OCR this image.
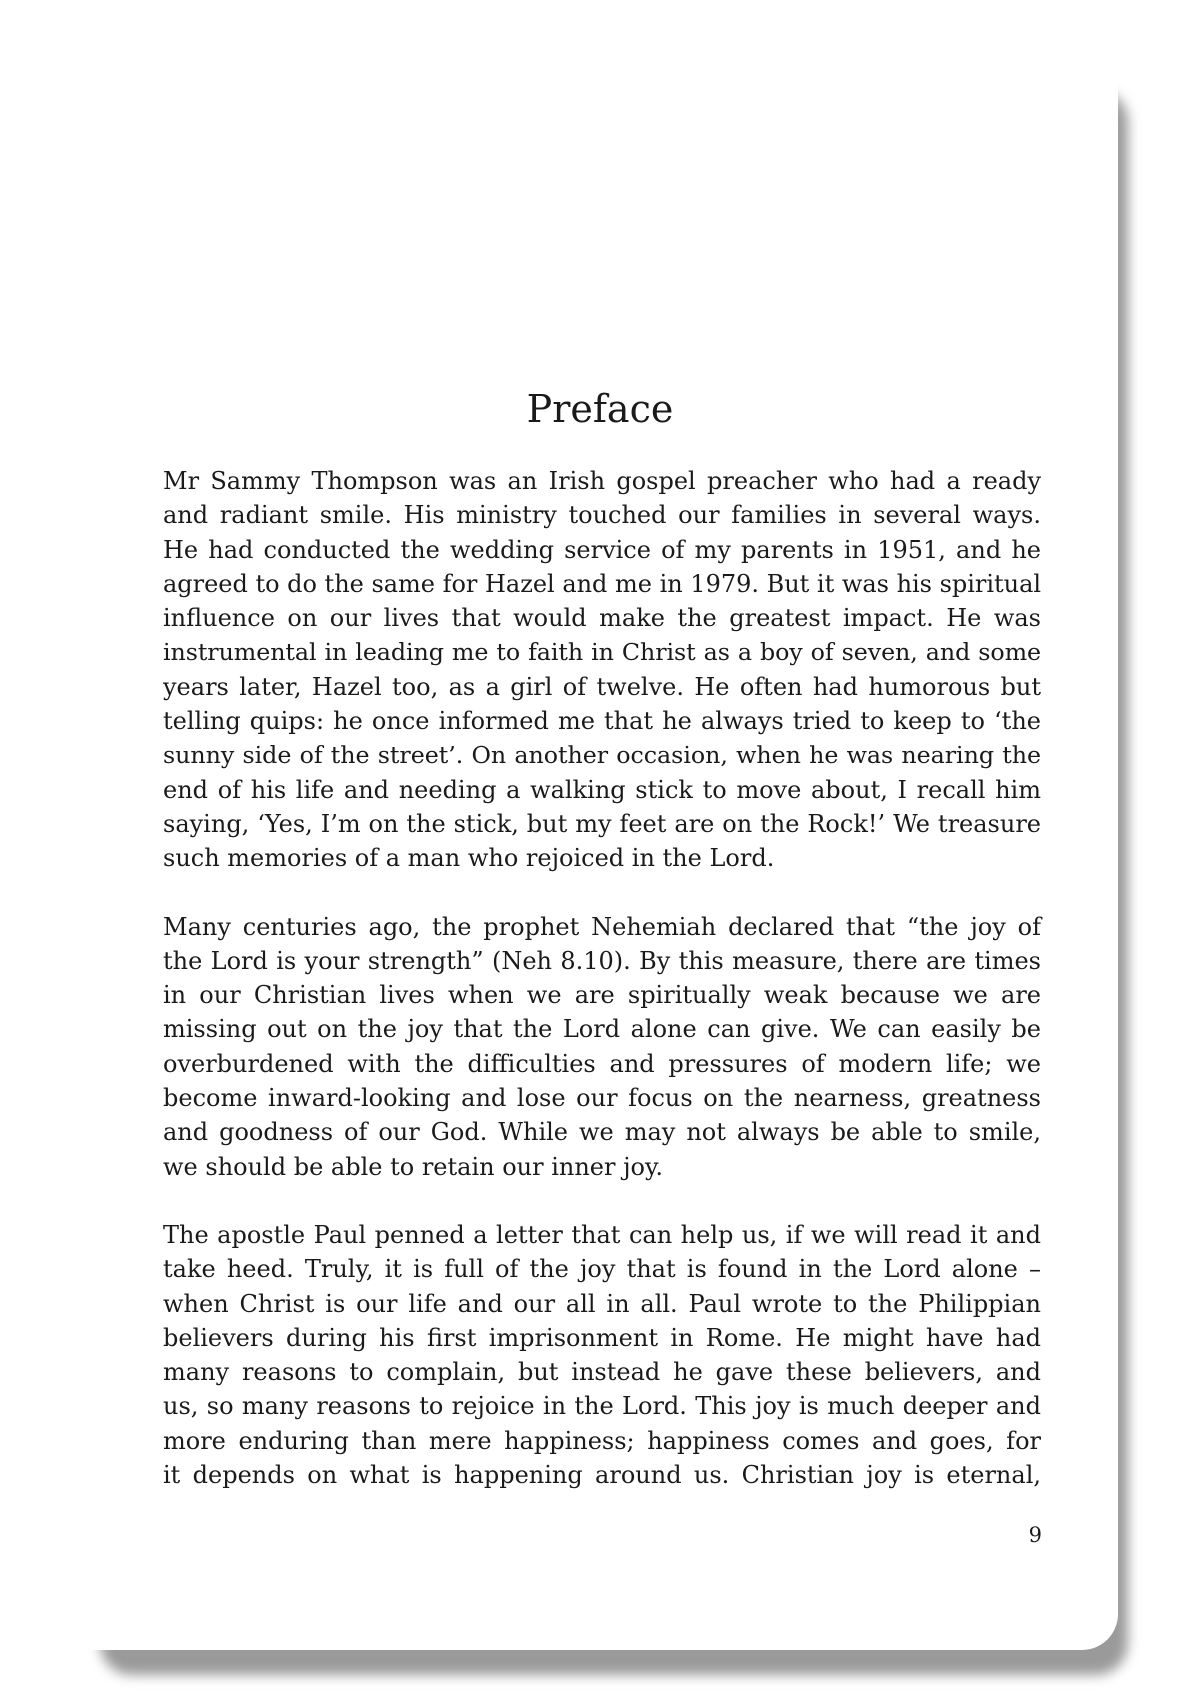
Preface
Mr Sammy Thompson was an Irish gospel preacher who had a ready
and radiant smile. His ministry touched our families in several ways.
He had conducted the wedding service of my parents in 1951, and he
agreed to do the same for Hazel and me in 1979. But it was his spiritual
influence on our lives that would make the greatest impact. He was
instrumental in leading me to faith in Christ as a boy of seven, and some
years later, Hazel too, as a girl of twelve. He often had humorous but
telling quips: he once informed me that he always tried to keep to ‘the
sunny side of the street’. On another occasion, when he was nearing the
end of his life and needing a walking stick to move about, I recall him
saying, ‘Yes, I’m on the stick, but my feet are on the Rock!’ We treasure
such memories of a man who rejoiced in the Lord.
Many centuries ago, the prophet Nehemiah declared that “the joy of
the Lord is your strength” (Neh 8.10). By this measure, there are times
in our Christian lives when we are spiritually weak because we are
missing out on the joy that the Lord alone can give. We can easily be
overburdened with the difficulties and pressures of modern life; we
become inward-looking and lose our focus on the nearness, greatness
and goodness of our God. While we may not always be able to smile,
we should be able to retain our inner joy.
The apostle Paul penned a letter that can help us, if we will read it and
take heed. Truly, it is full of the joy that is found in the Lord alone –
when Christ is our life and our all in all. Paul wrote to the Philippian
believers during his first imprisonment in Rome. He might have had
many reasons to complain, but instead he gave these believers, and
us, so many reasons to rejoice in the Lord. This joy is much deeper and
more enduring than mere happiness; happiness comes and goes, for
it depends on what is happening around us. Christian joy is eternal,
9
